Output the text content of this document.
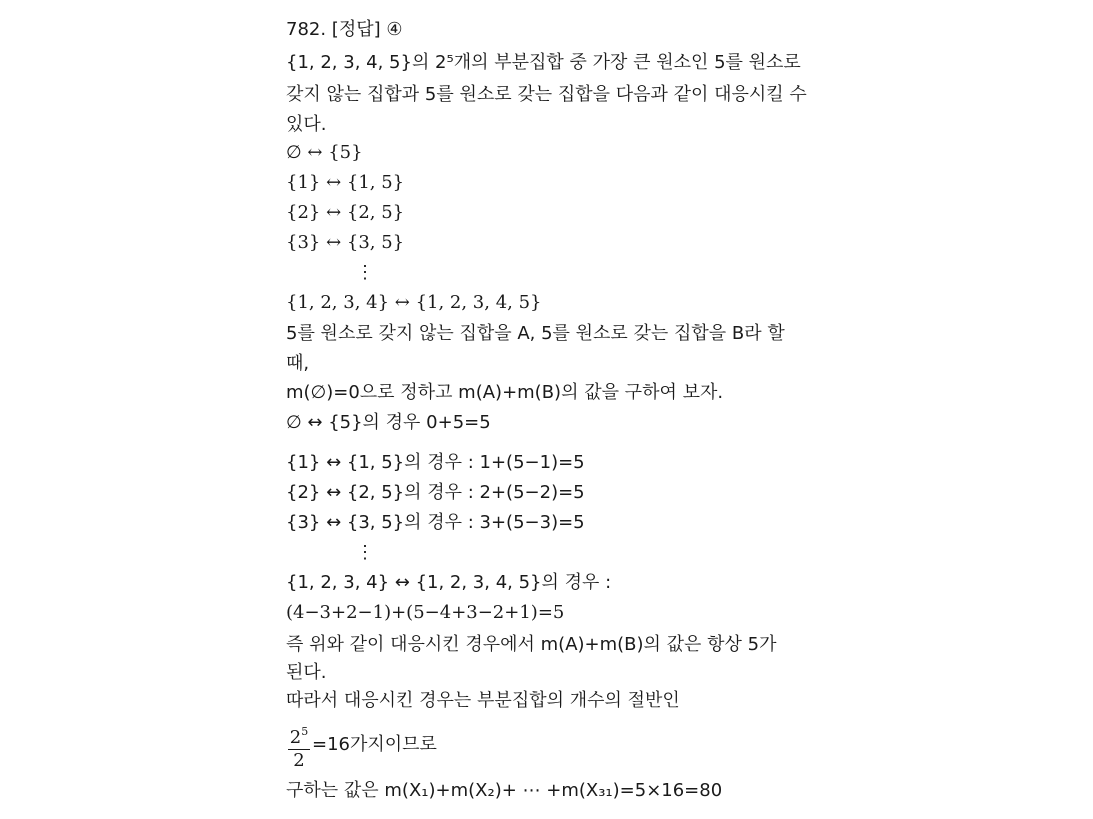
782. [정답] ④
{1, 2, 3, 4, 5}의 2⁵개의 부분집합 중 가장 큰 원소인 5를 원소로
갖지 않는 집합과 5를 원소로 갖는 집합을 다음과 같이 대응시킬 수
있다.
∅ ↔ {5}
{1} ↔ {1, 5}
{2} ↔ {2, 5}
{3} ↔ {3, 5}
⋮
{1, 2, 3, 4} ↔ {1, 2, 3, 4, 5}
5를 원소로 갖지 않는 집합을 A, 5를 원소로 갖는 집합을 B라 할
때,
m(∅)=0으로 정하고 m(A)+m(B)의 값을 구하여 보자.
∅ ↔ {5}의 경우 0+5=5
{1} ↔ {1, 5}의 경우 : 1+(5−1)=5
{2} ↔ {2, 5}의 경우 : 2+(5−2)=5
{3} ↔ {3, 5}의 경우 : 3+(5−3)=5
⋮
{1, 2, 3, 4} ↔ {1, 2, 3, 4, 5}의 경우 :
(4−3+2−1)+(5−4+3−2+1)=5
즉 위와 같이 대응시킨 경우에서 m(A)+m(B)의 값은 항상 5가
된다.
따라서 대응시킨 경우는 부분집합의 개수의 절반인
$2^5$
2
=16가지이므로
구하는 값은 m(X₁)+m(X₂)+ ⋯ +m(X₃₁)=5×16=80
